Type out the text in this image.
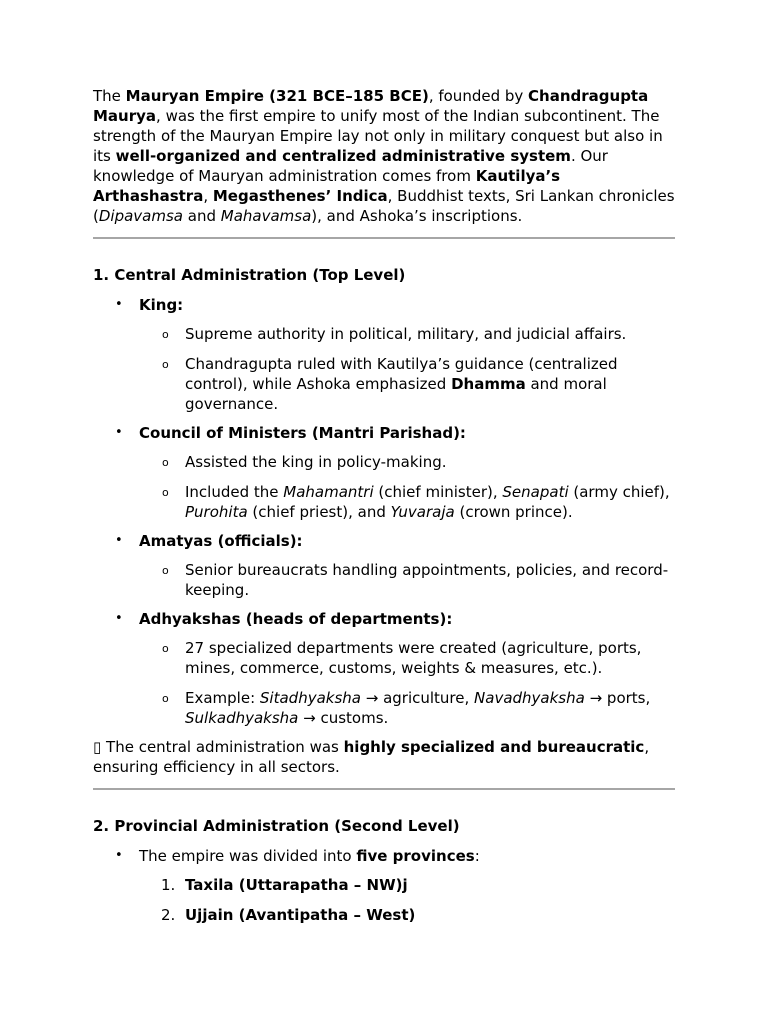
The Mauryan Empire (321 BCE–185 BCE), founded by Chandragupta Maurya, was the first empire to unify most of the Indian subcontinent. The strength of the Mauryan Empire lay not only in military conquest but also in its well-organized and centralized administrative system. Our knowledge of Mauryan administration comes from Kautilya’s Arthashastra, Megasthenes’ Indica, Buddhist texts, Sri Lankan chronicles (Dipavamsa and Mahavamsa), and Ashoka’s inscriptions.

1. Central Administration (Top Level)

• King:
o Supreme authority in political, military, and judicial affairs.
o Chandragupta ruled with Kautilya’s guidance (centralized control), while Ashoka emphasized Dhamma and moral governance.
• Council of Ministers (Mantri Parishad):
o Assisted the king in policy-making.
o Included the Mahamantri (chief minister), Senapati (army chief), Purohita (chief priest), and Yuvaraja (crown prince).
• Amatyas (officials):
o Senior bureaucrats handling appointments, policies, and record-keeping.
• Adhyakshas (heads of departments):
o 27 specialized departments were created (agriculture, ports, mines, commerce, customs, weights & measures, etc.).
o Example: Sitadhyaksha → agriculture, Navadhyaksha → ports, Sulkadhyaksha → customs.

▯ The central administration was highly specialized and bureaucratic, ensuring efficiency in all sectors.

2. Provincial Administration (Second Level)

• The empire was divided into five provinces:
1. Taxila (Uttarapatha – NW)j
2. Ujjain (Avantipatha – West)
